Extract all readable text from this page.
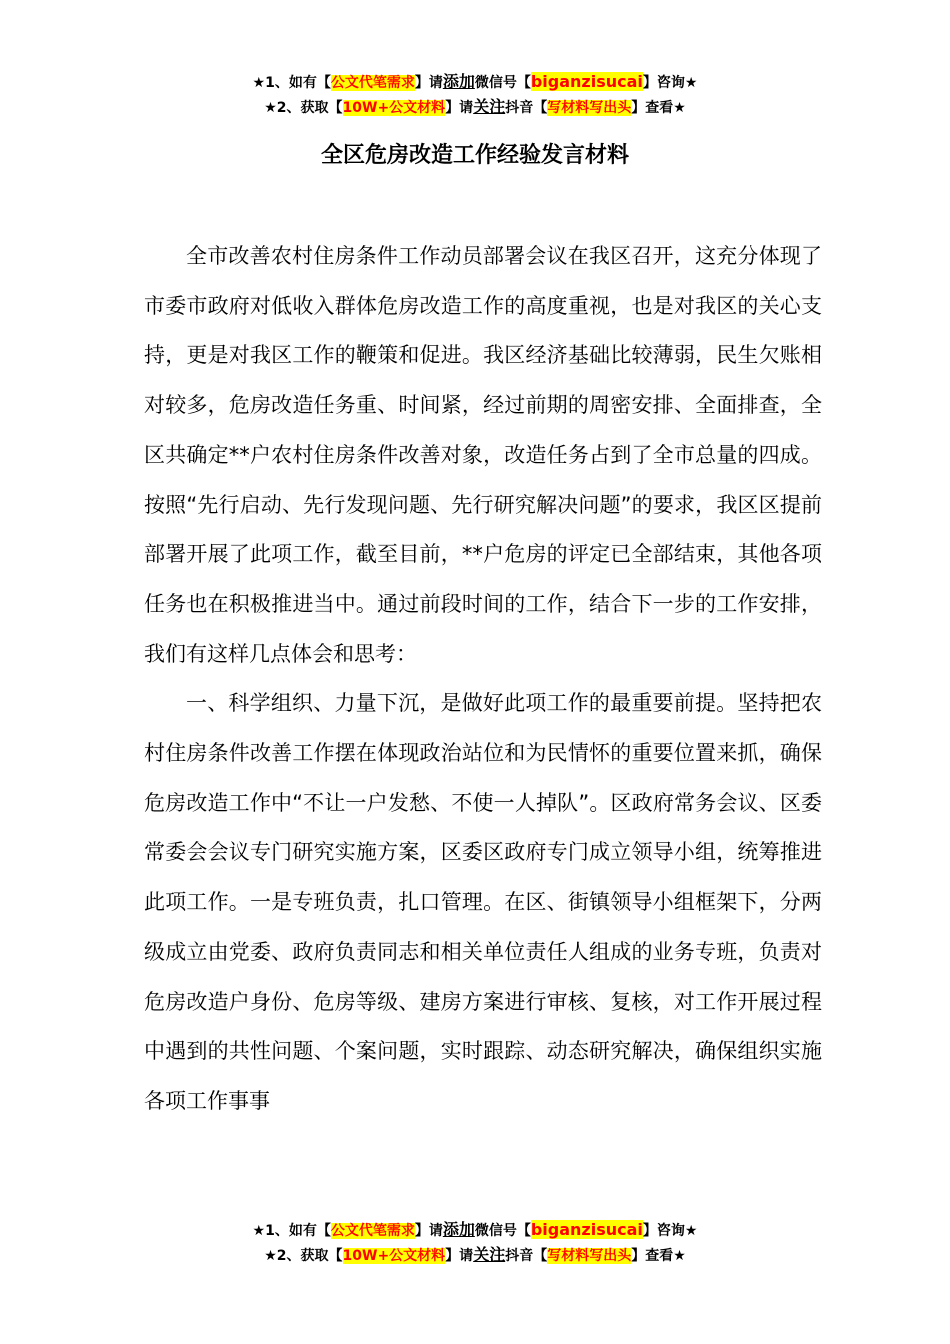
★1、如有【公文代笔需求】请添加微信号【biganzisucai】咨询★
★2、获取【10W+公文材料】请关注抖音【写材料写出头】查看★
全区危房改造工作经验发言材料

全市改善农村住房条件工作动员部署会议在我区召开，这充分体现了市委市政府对低收入群体危房改造工作的高度重视，也是对我区的关心支持，更是对我区工作的鞭策和促进。我区经济基础比较薄弱，民生欠账相对较多，危房改造任务重、时间紧，经过前期的周密安排、全面排查，全区共确定**户农村住房条件改善对象，改造任务占到了全市总量的四成。按照“先行启动、先行发现问题、先行研究解决问题”的要求，我区区提前部署开展了此项工作，截至目前，**户危房的评定已全部结束，其他各项任务也在积极推进当中。通过前段时间的工作，结合下一步的工作安排，我们有这样几点体会和思考：

一、科学组织、力量下沉，是做好此项工作的最重要前提。坚持把农村住房条件改善工作摆在体现政治站位和为民情怀的重要位置来抓，确保危房改造工作中“不让一户发愁、不使一人掉队”。区政府常务会议、区委常委会会议专门研究实施方案，区委区政府专门成立领导小组，统筹推进此项工作。一是专班负责，扎口管理。在区、街镇领导小组框架下，分两级成立由党委、政府负责同志和相关单位责任人组成的业务专班，负责对危房改造户身份、危房等级、建房方案进行审核、复核，对工作开展过程中遇到的共性问题、个案问题，实时跟踪、动态研究解决，确保组织实施各项工作事事

★1、如有【公文代笔需求】请添加微信号【biganzisucai】咨询★
★2、获取【10W+公文材料】请关注抖音【写材料写出头】查看★
